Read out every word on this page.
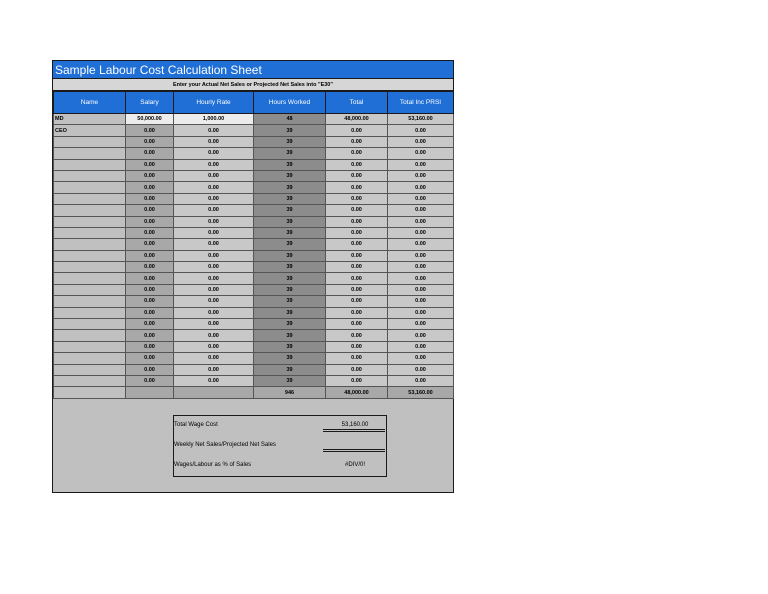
Sample Labour Cost Calculation Sheet
Enter your Actual Net Sales or Projected Net Sales into "E30"
Name	Salary	Hourly Rate	Hours Worked	Total	Total Inc PRSI
MD	50,000.00	1,000.00	48	48,000.00	53,160.00
CEO	0.00	0.00	39	0.00	0.00
	0.00	0.00	39	0.00	0.00
	0.00	0.00	39	0.00	0.00
	0.00	0.00	39	0.00	0.00
	0.00	0.00	39	0.00	0.00
	0.00	0.00	39	0.00	0.00
	0.00	0.00	39	0.00	0.00
	0.00	0.00	39	0.00	0.00
	0.00	0.00	39	0.00	0.00
	0.00	0.00	39	0.00	0.00
	0.00	0.00	39	0.00	0.00
	0.00	0.00	39	0.00	0.00
	0.00	0.00	39	0.00	0.00
	0.00	0.00	39	0.00	0.00
	0.00	0.00	39	0.00	0.00
	0.00	0.00	39	0.00	0.00
	0.00	0.00	39	0.00	0.00
	0.00	0.00	39	0.00	0.00
	0.00	0.00	39	0.00	0.00
	0.00	0.00	39	0.00	0.00
	0.00	0.00	39	0.00	0.00
	0.00	0.00	39	0.00	0.00
	0.00	0.00	39	0.00	0.00
			946	48,000.00	53,160.00
Total Wage Cost	53,160.00
Weekly Net Sales/Projected Net Sales
Wages/Labour as % of Sales	#DIV/0!
